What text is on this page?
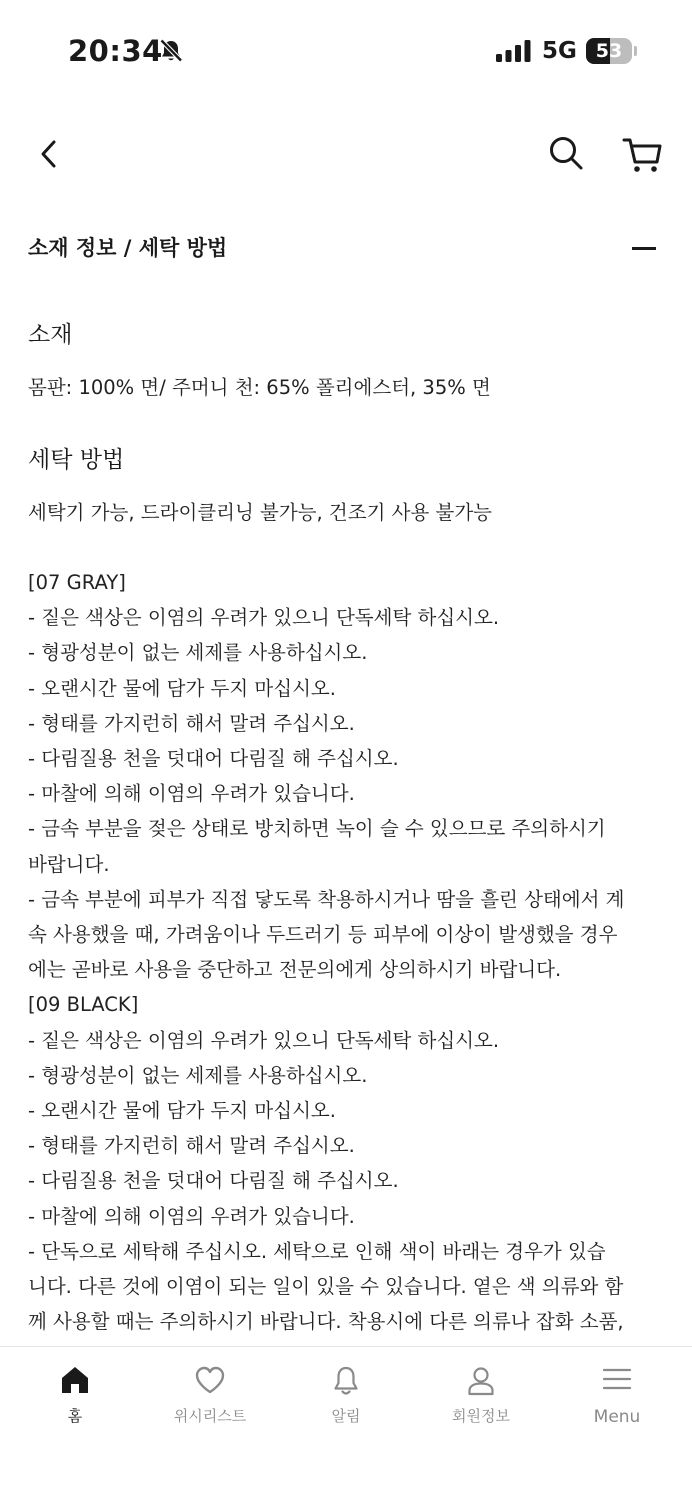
20:34	5G 53
소재 정보 / 세탁 방법
소재
몸판: 100% 면/ 주머니 천: 65% 폴리에스터, 35% 면
세탁 방법
세탁기 가능, 드라이클리닝 불가능, 건조기 사용 불가능
[07 GRAY]
- 짙은 색상은 이염의 우려가 있으니 단독세탁 하십시오.
- 형광성분이 없는 세제를 사용하십시오.
- 오랜시간 물에 담가 두지 마십시오.
- 형태를 가지런히 해서 말려 주십시오.
- 다림질용 천을 덧대어 다림질 해 주십시오.
- 마찰에 의해 이염의 우려가 있습니다.
- 금속 부분을 젖은 상태로 방치하면 녹이 슬 수 있으므로 주의하시기
바랍니다.
- 금속 부분에 피부가 직접 닿도록 착용하시거나 땀을 흘린 상태에서 계
속 사용했을 때, 가려움이나 두드러기 등 피부에 이상이 발생했을 경우
에는 곧바로 사용을 중단하고 전문의에게 상의하시기 바랍니다.
[09 BLACK]
- 짙은 색상은 이염의 우려가 있으니 단독세탁 하십시오.
- 형광성분이 없는 세제를 사용하십시오.
- 오랜시간 물에 담가 두지 마십시오.
- 형태를 가지런히 해서 말려 주십시오.
- 다림질용 천을 덧대어 다림질 해 주십시오.
- 마찰에 의해 이염의 우려가 있습니다.
- 단독으로 세탁해 주십시오. 세탁으로 인해 색이 바래는 경우가 있습
니다. 다른 것에 이염이 되는 일이 있을 수 있습니다. 옅은 색 의류와 함
께 사용할 때는 주의하시기 바랍니다. 착용시에 다른 의류나 잡화 소품,
홈	위시리스트	알림	회원정보	Menu
